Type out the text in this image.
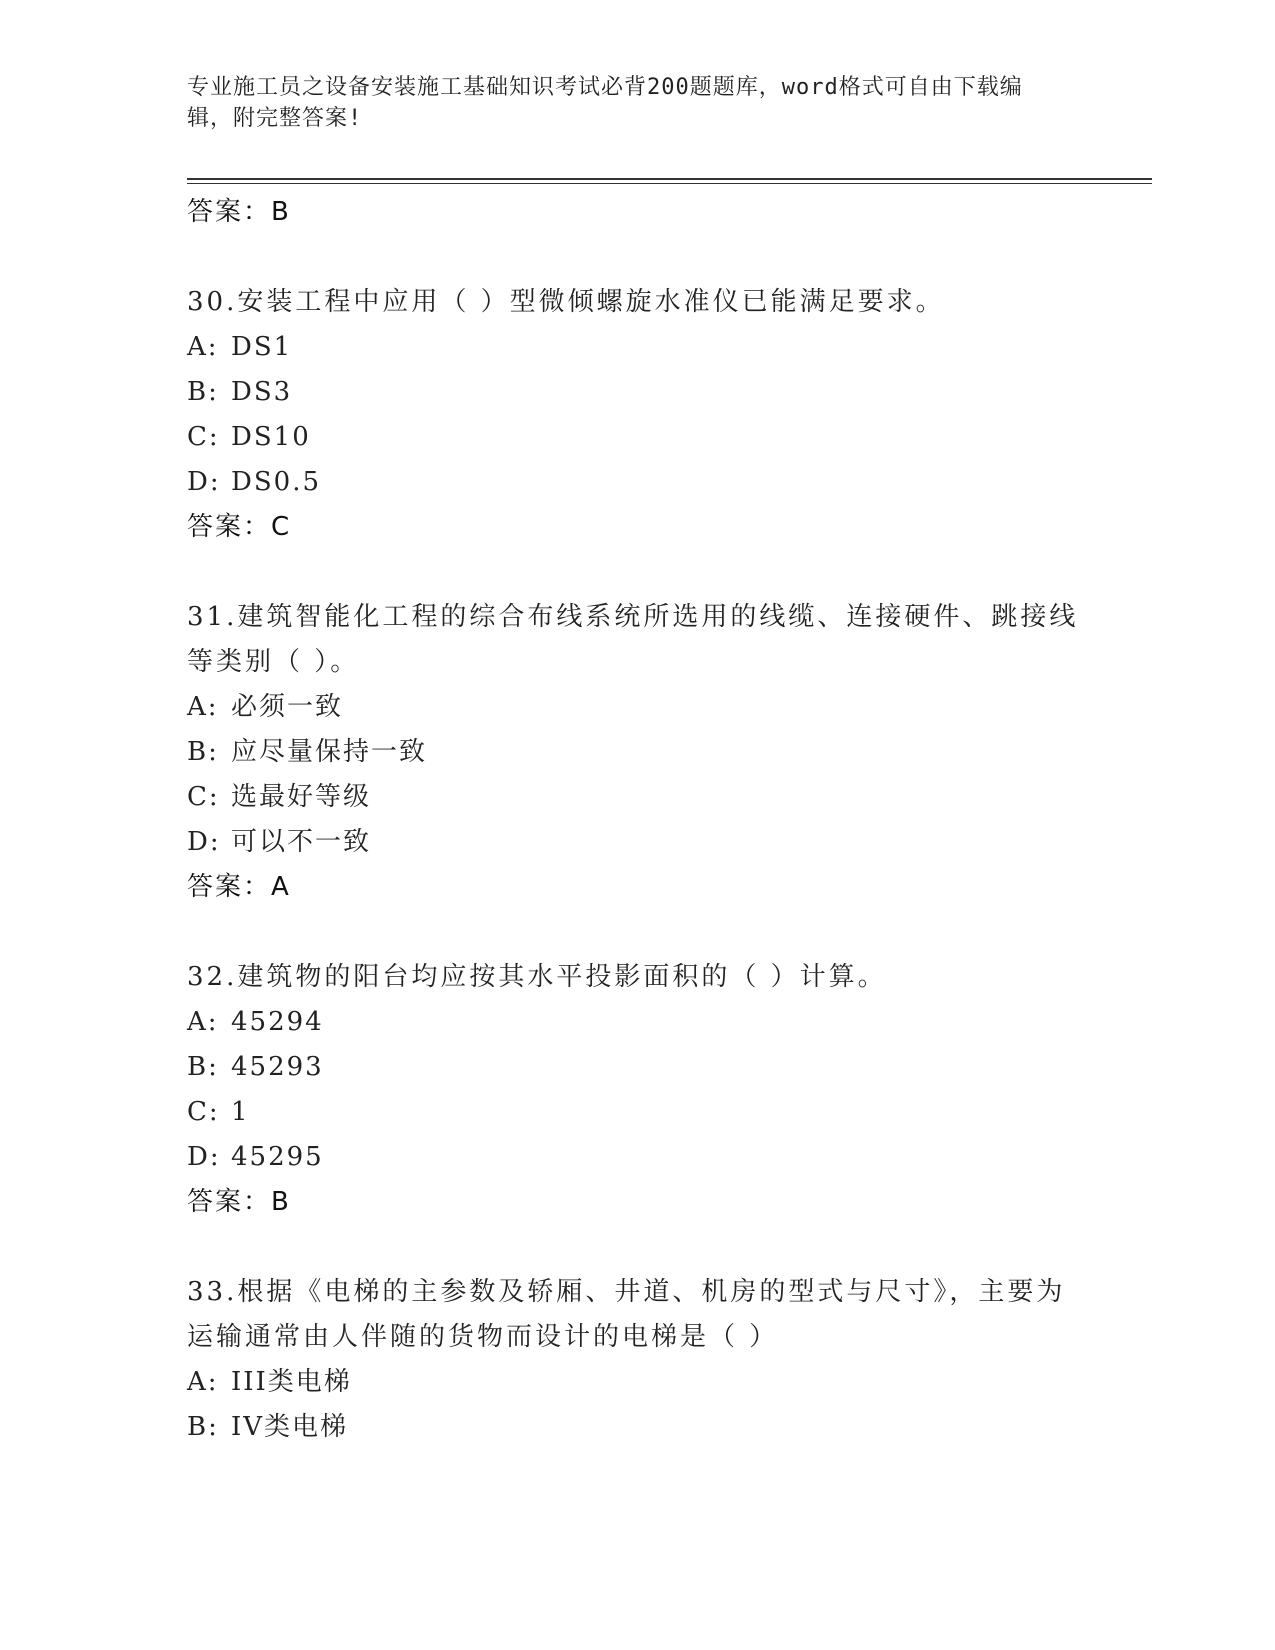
专业施工员之设备安装施工基础知识考试必背200题题库，word格式可自由下载编辑，附完整答案!
答案：B
30.安装工程中应用（ ）型微倾螺旋水准仪已能满足要求。
A: DS1
B: DS3
C: DS10
D: DS0.5
答案：C
31.建筑智能化工程的综合布线系统所选用的线缆、连接硬件、跳接线等类别（ ）。
A: 必须一致
B: 应尽量保持一致
C: 选最好等级
D: 可以不一致
答案：A
32.建筑物的阳台均应按其水平投影面积的（ ）计算。
A: 45294
B: 45293
C: 1
D: 45295
答案：B
33.根据《电梯的主参数及轿厢、井道、机房的型式与尺寸》，主要为运输通常由人伴随的货物而设计的电梯是（ ）
A: III类电梯
B: IV类电梯
